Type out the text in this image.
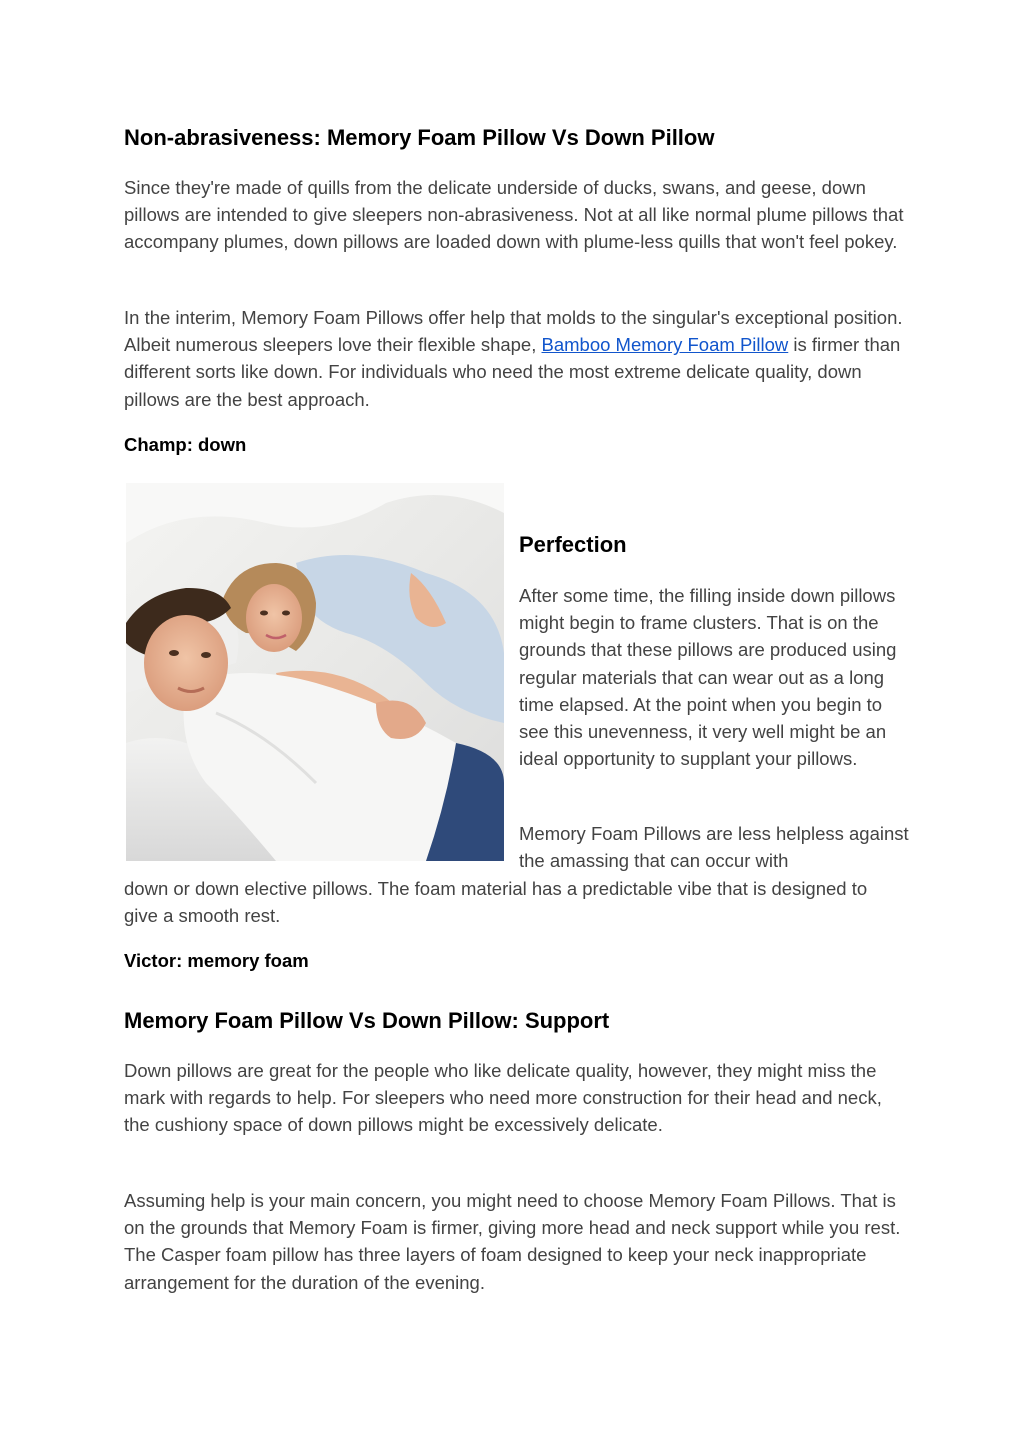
Non-abrasiveness: Memory Foam Pillow Vs Down Pillow

Since they're made of quills from the delicate underside of ducks, swans, and geese, down pillows are intended to give sleepers non-abrasiveness. Not at all like normal plume pillows that accompany plumes, down pillows are loaded down with plume-less quills that won't feel pokey.

In the interim, Memory Foam Pillows offer help that molds to the singular's exceptional position. Albeit numerous sleepers love their flexible shape, Bamboo Memory Foam Pillow is firmer than different sorts like down. For individuals who need the most extreme delicate quality, down pillows are the best approach.

Champ: down
Perfection

After some time, the filling inside down pillows might begin to frame clusters. That is on the grounds that these pillows are produced using regular materials that can wear out as a long time elapsed. At the point when you begin to see this unevenness, it very well might be an ideal opportunity to supplant your pillows.

Memory Foam Pillows are less helpless against the amassing that can occur with

down or down elective pillows. The foam material has a predictable vibe that is designed to give a smooth rest.

Victor: memory foam
Memory Foam Pillow Vs Down Pillow: Support

Down pillows are great for the people who like delicate quality, however, they might miss the mark with regards to help. For sleepers who need more construction for their head and neck, the cushiony space of down pillows might be excessively delicate.

Assuming help is your main concern, you might need to choose Memory Foam Pillows. That is on the grounds that Memory Foam is firmer, giving more head and neck support while you rest. The Casper foam pillow has three layers of foam designed to keep your neck inappropriate arrangement for the duration of the evening.
